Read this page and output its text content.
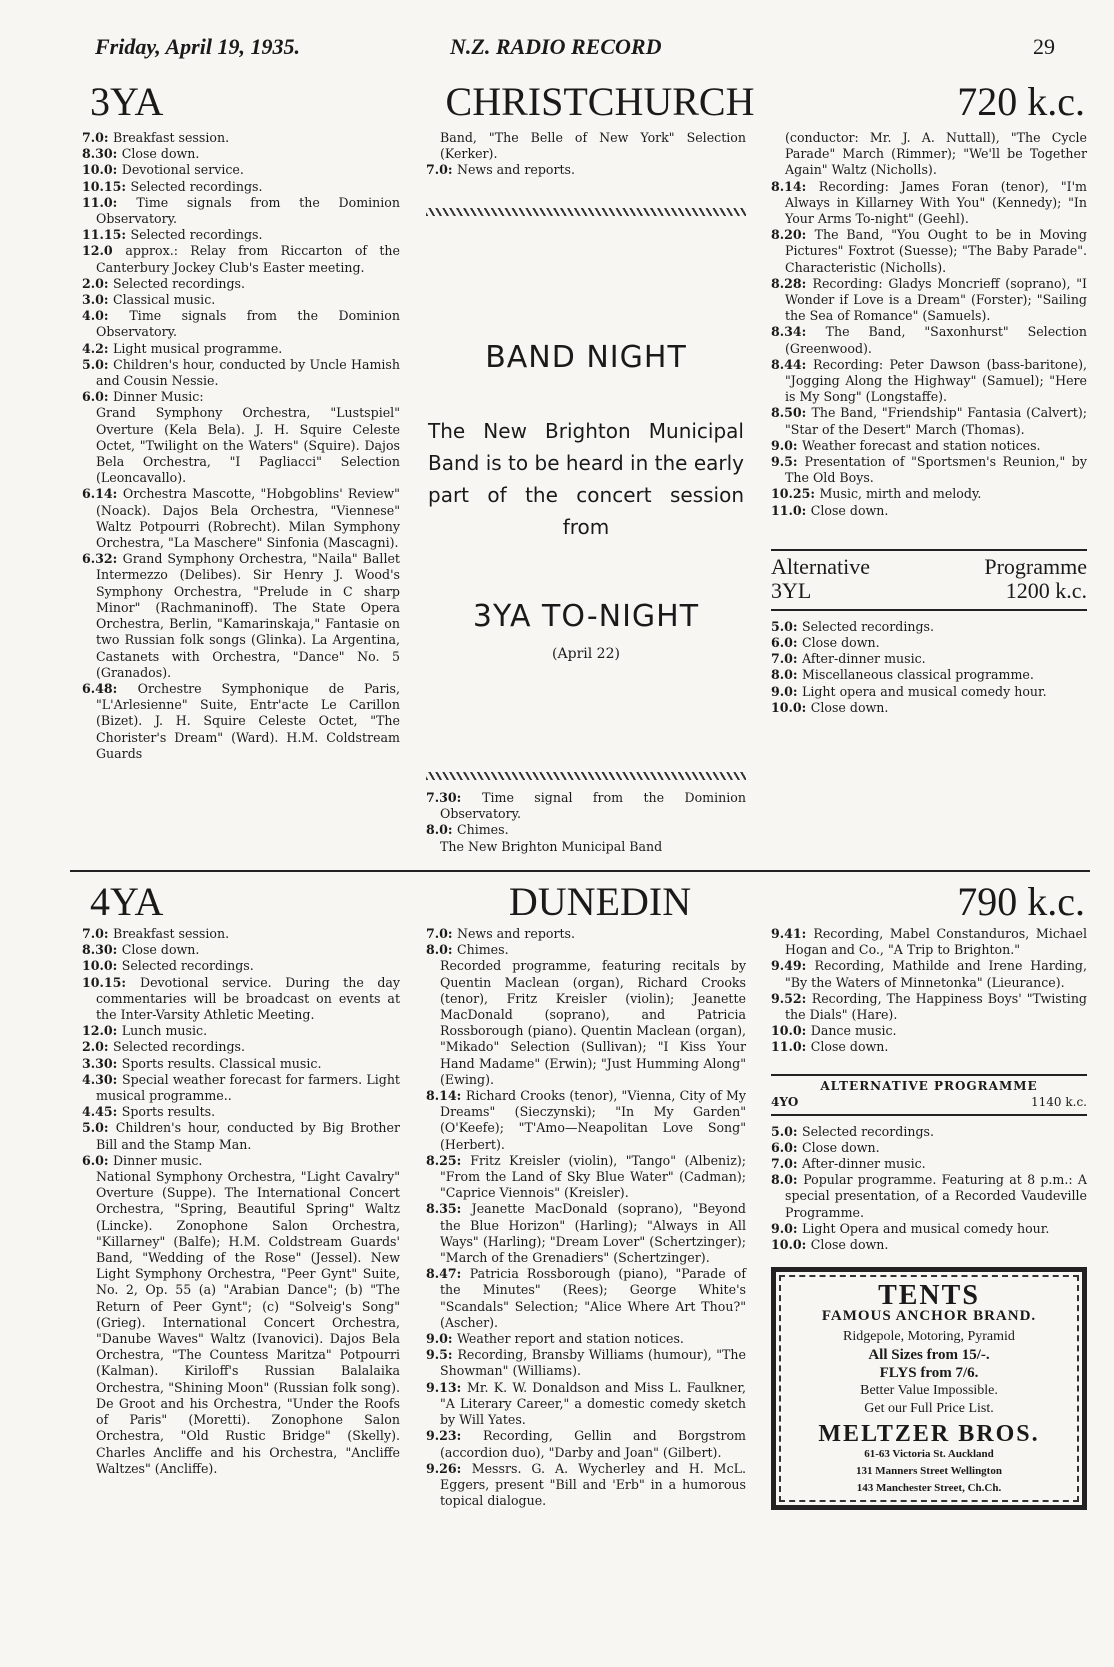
Friday, April 19, 1935.	N.Z. RADIO RECORD	29
3YA	CHRISTCHURCH	720 k.c.

7.0: Breakfast session.

8.30: Close down.

10.0: Devotional service.

10.15: Selected recordings.

11.0: Time signals from the Dominion Observatory.

11.15: Selected recordings.

12.0 approx.: Relay from Riccarton of the Canterbury Jockey Club's Easter meeting.

2.0: Selected recordings.

3.0: Classical music.

4.0: Time signals from the Dominion Observatory.

4.2: Light musical programme.

5.0: Children's hour, conducted by Uncle Hamish and Cousin Nessie.

6.0: Dinner Music:

Grand Symphony Orchestra, "Lustspiel" Overture (Kela Bela). J. H. Squire Celeste Octet, "Twilight on the Waters" (Squire). Dajos Bela Orchestra, "I Pagliacci" Selection (Leoncavallo).

6.14: Orchestra Mascotte, "Hobgoblins' Review" (Noack). Dajos Bela Orchestra, "Viennese" Waltz Potpourri (Robrecht). Milan Symphony Orchestra, "La Maschere" Sinfonia (Mascagni).

6.32: Grand Symphony Orchestra, "Naila" Ballet Intermezzo (Delibes). Sir Henry J. Wood's Symphony Orchestra, "Prelude in C sharp Minor" (Rachmaninoff). The State Opera Orchestra, Berlin, "Kamarinskaja," Fantasie on two Russian folk songs (Glinka). La Argentina, Castanets with Orchestra, "Dance" No. 5 (Granados).

6.48: Orchestre Symphonique de Paris, "L'Arlesienne" Suite, Entr'acte Le Carillon (Bizet). J. H. Squire Celeste Octet, "The Chorister's Dream" (Ward). H.M. Coldstream Guards

Band, "The Belle of New York" Selection (Kerker).

7.0: News and reports.

BAND NIGHT

The New Brighton Municipal Band is to be heard in the early part of the concert session from

3YA TO-NIGHT

(April 22)

7.30: Time signal from the Dominion Observatory.

8.0: Chimes.

The New Brighton Municipal Band

(conductor: Mr. J. A. Nuttall), "The Cycle Parade" March (Rimmer); "We'll be Together Again" Waltz (Nicholls).

8.14: Recording: James Foran (tenor), "I'm Always in Killarney With You" (Kennedy); "In Your Arms To-night" (Geehl).

8.20: The Band, "You Ought to be in Moving Pictures" Foxtrot (Suesse); "The Baby Parade". Characteristic (Nicholls).

8.28: Recording: Gladys Moncrieff (soprano), "I Wonder if Love is a Dream" (Forster); "Sailing the Sea of Romance" (Samuels).

8.34: The Band, "Saxonhurst" Selection (Greenwood).

8.44: Recording: Peter Dawson (bass-baritone), "Jogging Along the Highway" (Samuel); "Here is My Song" (Longstaffe).

8.50: The Band, "Friendship" Fantasia (Calvert); "Star of the Desert" March (Thomas).

9.0: Weather forecast and station notices.

9.5: Presentation of "Sportsmen's Reunion," by The Old Boys.

10.25: Music, mirth and melody.

11.0: Close down.

Alternative	Programme
3YL	1200 k.c.

5.0: Selected recordings.

6.0: Close down.

7.0: After-dinner music.

8.0: Miscellaneous classical programme.

9.0: Light opera and musical comedy hour.

10.0: Close down.

4YA	DUNEDIN	790 k.c.

7.0: Breakfast session.

8.30: Close down.

10.0: Selected recordings.

10.15: Devotional service. During the day commentaries will be broadcast on events at the Inter-Varsity Athletic Meeting.

12.0: Lunch music.

2.0: Selected recordings.

3.30: Sports results. Classical music.

4.30: Special weather forecast for farmers. Light musical programme..

4.45: Sports results.

5.0: Children's hour, conducted by Big Brother Bill and the Stamp Man.

6.0: Dinner music.

National Symphony Orchestra, "Light Cavalry" Overture (Suppe). The International Concert Orchestra, "Spring, Beautiful Spring" Waltz (Lincke). Zonophone Salon Orchestra, "Killarney" (Balfe); H.M. Coldstream Guards' Band, "Wedding of the Rose" (Jessel). New Light Symphony Orchestra, "Peer Gynt" Suite, No. 2, Op. 55 (a) "Arabian Dance"; (b) "The Return of Peer Gynt"; (c) "Solveig's Song" (Grieg). International Concert Orchestra, "Danube Waves" Waltz (Ivanovici). Dajos Bela Orchestra, "The Countess Maritza" Potpourri (Kalman). Kiriloff's Russian Balalaika Orchestra, "Shining Moon" (Russian folk song). De Groot and his Orchestra, "Under the Roofs of Paris" (Moretti). Zonophone Salon Orchestra, "Old Rustic Bridge" (Skelly). Charles Ancliffe and his Orchestra, "Ancliffe Waltzes" (Ancliffe).

7.0: News and reports.

8.0: Chimes.

Recorded programme, featuring recitals by Quentin Maclean (organ), Richard Crooks (tenor), Fritz Kreisler (violin); Jeanette MacDonald (soprano), and Patricia Rossborough (piano). Quentin Maclean (organ), "Mikado" Selection (Sullivan); "I Kiss Your Hand Madame" (Erwin); "Just Humming Along" (Ewing).

8.14: Richard Crooks (tenor), "Vienna, City of My Dreams" (Sieczynski); "In My Garden" (O'Keefe); "T'Amo—Neapolitan Love Song" (Herbert).

8.25: Fritz Kreisler (violin), "Tango" (Albeniz); "From the Land of Sky Blue Water" (Cadman); "Caprice Viennois" (Kreisler).

8.35: Jeanette MacDonald (soprano), "Beyond the Blue Horizon" (Harling); "Always in All Ways" (Harling); "Dream Lover" (Schertzinger); "March of the Grenadiers" (Schertzinger).

8.47: Patricia Rossborough (piano), "Parade of the Minutes" (Rees); George White's "Scandals" Selection; "Alice Where Art Thou?" (Ascher).

9.0: Weather report and station notices.

9.5: Recording, Bransby Williams (humour), "The Showman" (Williams).

9.13: Mr. K. W. Donaldson and Miss L. Faulkner, "A Literary Career," a domestic comedy sketch by Will Yates.

9.23: Recording, Gellin and Borgstrom (accordion duo), "Darby and Joan" (Gilbert).

9.26: Messrs. G. A. Wycherley and H. McL. Eggers, present "Bill and 'Erb" in a humorous topical dialogue.

9.41: Recording, Mabel Constanduros, Michael Hogan and Co., "A Trip to Brighton."

9.49: Recording, Mathilde and Irene Harding, "By the Waters of Minnetonka" (Lieurance).

9.52: Recording, The Happiness Boys' "Twisting the Dials" (Hare).

10.0: Dance music.

11.0: Close down.

ALTERNATIVE PROGRAMME
4YO	1140 k.c.

5.0: Selected recordings.

6.0: Close down.

7.0: After-dinner music.

8.0: Popular programme. Featuring at 8 p.m.: A special presentation, of a Recorded Vaudeville Programme.

9.0: Light Opera and musical comedy hour.

10.0: Close down.

TENTS

FAMOUS ANCHOR BRAND.

Ridgepole, Motoring, Pyramid

All Sizes from 15/-.

FLYS from 7/6.

Better Value Impossible.

Get our Full Price List.

MELTZER BROS.

61-63 Victoria St. Auckland

131 Manners Street Wellington

143 Manchester Street, Ch.Ch.
